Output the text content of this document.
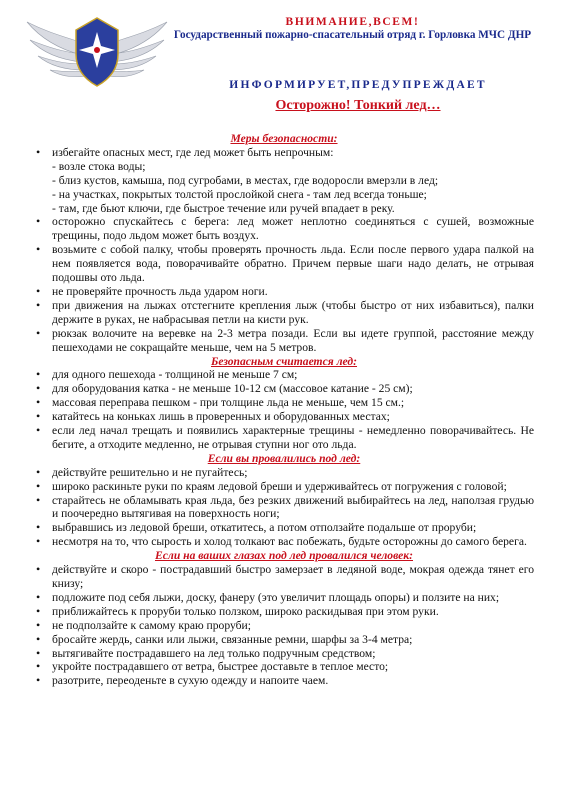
ВНИМАНИЕ,ВСЕМ!
Государственный пожарно-спасательный отряд г. Горловка МЧС ДНР
ИНФОРМИРУЕТ,ПРЕДУПРЕЖДАЕТ
Осторожно! Тонкий лед…
Меры безопасности:
• избегайте опасных мест, где лед может быть непрочным:
- возле стока воды;
- близ кустов, камыша, под сугробами, в местах, где водоросли вмерзли в лед;
- на участках, покрытых толстой прослойкой снега - там лед всегда тоньше;
- там, где бьют ключи, где быстрое течение или ручей впадает в реку.
• осторожно спускайтесь с берега: лед может неплотно соединяться с сушей, возможные трещины, подо льдом может быть воздух.
• возьмите с собой палку, чтобы проверять прочность льда. Если после первого удара палкой на нем появляется вода, поворачивайте обратно. Причем первые шаги надо делать, не отрывая подошвы ото льда.
• не проверяйте прочность льда ударом ноги.
• при движения на лыжах отстегните крепления лыж (чтобы быстро от них избавиться), палки держите в руках, не набрасывая петли на кисти рук.
• рюкзак волочите на веревке на 2-3 метра позади. Если вы идете группой, расстояние между пешеходами не сокращайте меньше, чем на 5 метров.
Безопасным считается лед:
• для одного пешехода - толщиной не меньше 7 см;
• для оборудования катка - не меньше 10-12 см (массовое катание - 25 см);
• массовая переправа пешком - при толщине льда не меньше, чем 15 см.;
• катайтесь на коньках лишь в проверенных и оборудованных местах;
• если лед начал трещать и появились характерные трещины - немедленно поворачивайтесь. Не бегите, а отходите медленно, не отрывая ступни ног ото льда.
Если вы провалились под лед:
• действуйте решительно и не пугайтесь;
• широко раскиньте руки по краям ледовой бреши и удерживайтесь от погружения с головой;
• старайтесь не обламывать края льда, без резких движений выбирайтесь на лед, наползая грудью и поочередно вытягивая на поверхность ноги;
• выбравшись из ледовой бреши, откатитесь, а потом отползайте подальше от проруби;
• несмотря на то, что сырость и холод толкают вас побежать, будьте осторожны до самого берега.
Если на ваших глазах под лед провалился человек:
• действуйте и скоро - пострадавший быстро замерзает в ледяной воде, мокрая одежда тянет его книзу;
• подложите под себя лыжи, доску, фанеру (это увеличит площадь опоры) и ползите на них;
• приближайтесь к проруби только ползком, широко раскидывая при этом руки.
• не подползайте к самому краю проруби;
• бросайте жердь, санки или лыжи, связанные ремни, шарфы за 3-4 метра;
• вытягивайте пострадавшего на лед только подручным средством;
• укройте пострадавшего от ветра, быстрее доставьте в теплое место;
• разотрите, переоденьте в сухую одежду и напоите чаем.
